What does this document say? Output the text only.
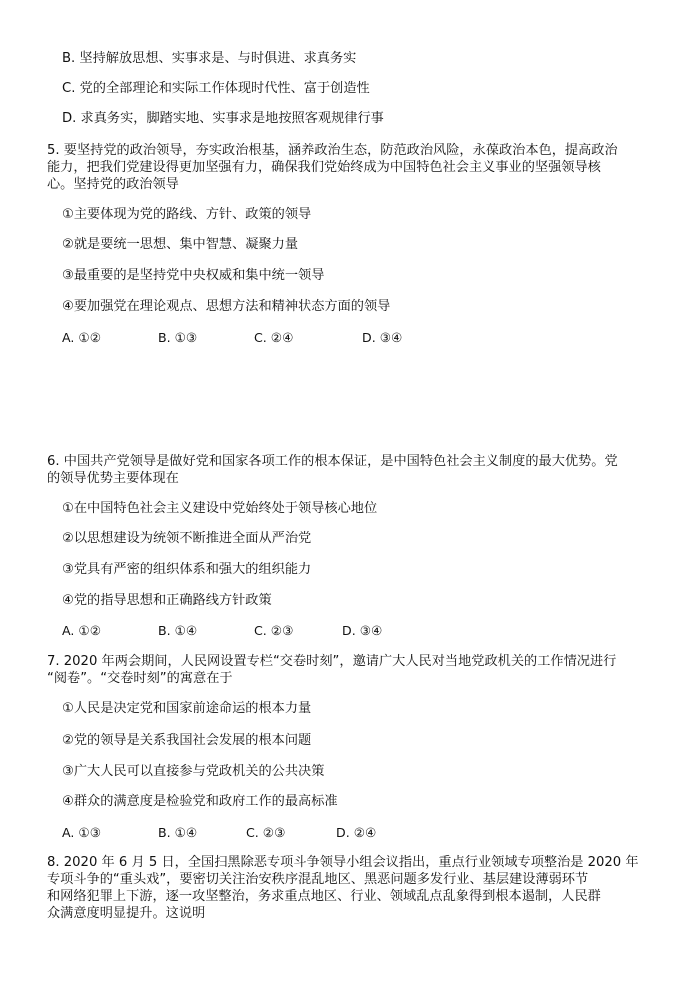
B. 坚持解放思想、实事求是、与时俱进、求真务实
C. 党的全部理论和实际工作体现时代性、富于创造性
D. 求真务实，脚踏实地、实事求是地按照客观规律行事
5. 要坚持党的政治领导，夯实政治根基，涵养政治生态，防范政治风险，永葆政治本色，提高政治
能力，把我们党建设得更加坚强有力，确保我们党始终成为中国特色社会主义事业的坚强领导核
心。坚持党的政治领导
①主要体现为党的路线、方针、政策的领导
②就是要统一思想、集中智慧、凝聚力量
③最重要的是坚持党中央权威和集中统一领导
④要加强党在理论观点、思想方法和精神状态方面的领导
A. ①②	B. ①③	C. ②④	D. ③④
6. 中国共产党领导是做好党和国家各项工作的根本保证，是中国特色社会主义制度的最大优势。党
的领导优势主要体现在
①在中国特色社会主义建设中党始终处于领导核心地位
②以思想建设为统领不断推进全面从严治党
③党具有严密的组织体系和强大的组织能力
④党的指导思想和正确路线方针政策
A. ①②	B. ①④	C. ②③	D. ③④
7. 2020 年两会期间，人民网设置专栏“交卷时刻”，邀请广大人民对当地党政机关的工作情况进行
“阅卷”。“交卷时刻”的寓意在于
①人民是决定党和国家前途命运的根本力量
②党的领导是关系我国社会发展的根本问题
③广大人民可以直接参与党政机关的公共决策
④群众的满意度是检验党和政府工作的最高标准
A. ①③	B. ①④	C. ②③	D. ②④
8. 2020 年 6 月 5 日，全国扫黑除恶专项斗争领导小组会议指出，重点行业领域专项整治是 2020 年
专项斗争的“重头戏”，要密切关注治安秩序混乱地区、黑恶问题多发行业、基层建设薄弱环节
和网络犯罪上下游，逐一攻坚整治，务求重点地区、行业、领域乱点乱象得到根本遏制，人民群
众满意度明显提升。这说明
